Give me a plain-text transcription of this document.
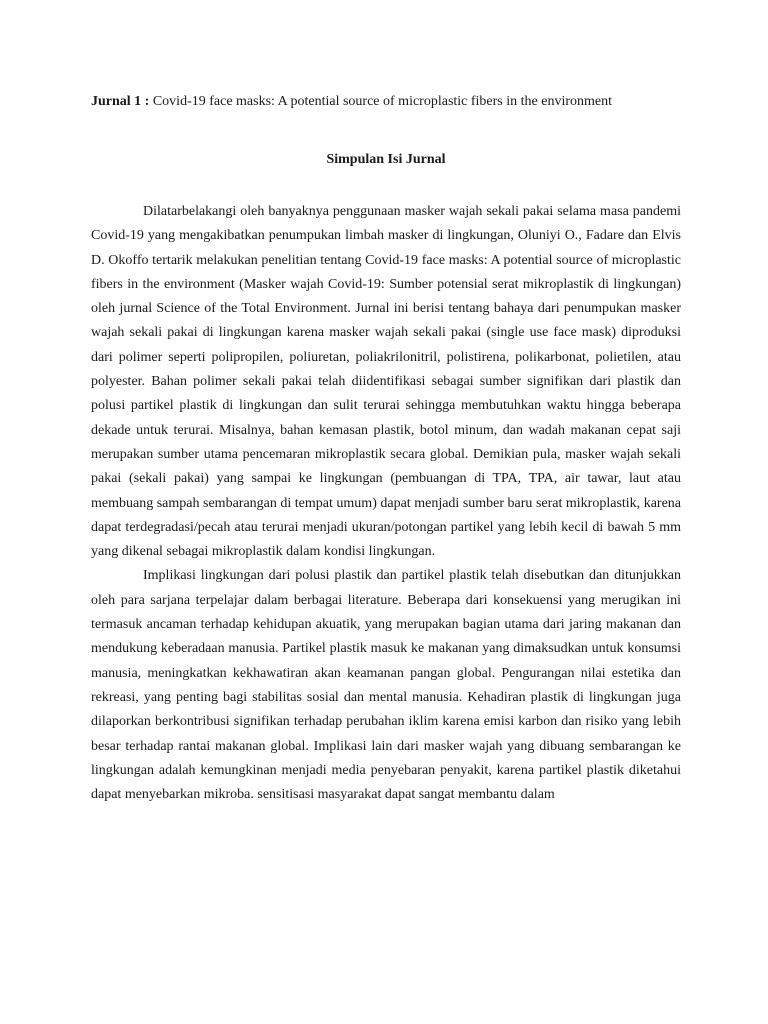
Jurnal 1 : Covid-19 face masks: A potential source of microplastic fibers in the environment

Simpulan Isi Jurnal

Dilatarbelakangi oleh banyaknya penggunaan masker wajah sekali pakai selama masa pandemi Covid-19 yang mengakibatkan penumpukan limbah masker di lingkungan, Oluniyi O., Fadare dan Elvis D. Okoffo tertarik melakukan penelitian tentang Covid-19 face masks: A potential source of microplastic fibers in the environment (Masker wajah Covid-19: Sumber potensial serat mikroplastik di lingkungan) oleh jurnal Science of the Total Environment. Jurnal ini berisi tentang bahaya dari penumpukan masker wajah sekali pakai di lingkungan karena masker wajah sekali pakai (single use face mask) diproduksi dari polimer seperti polipropilen, poliuretan, poliakrilonitril, polistirena, polikarbonat, polietilen, atau polyester. Bahan polimer sekali pakai telah diidentifikasi sebagai sumber signifikan dari plastik dan polusi partikel plastik di lingkungan dan sulit terurai sehingga membutuhkan waktu hingga beberapa dekade untuk terurai. Misalnya, bahan kemasan plastik, botol minum, dan wadah makanan cepat saji merupakan sumber utama pencemaran mikroplastik secara global. Demikian pula, masker wajah sekali pakai (sekali pakai) yang sampai ke lingkungan (pembuangan di TPA, TPA, air tawar, laut atau membuang sampah sembarangan di tempat umum) dapat menjadi sumber baru serat mikroplastik, karena dapat terdegradasi/pecah atau terurai menjadi ukuran/potongan partikel yang lebih kecil di bawah 5 mm yang dikenal sebagai mikroplastik dalam kondisi lingkungan.

Implikasi lingkungan dari polusi plastik dan partikel plastik telah disebutkan dan ditunjukkan oleh para sarjana terpelajar dalam berbagai literature. Beberapa dari konsekuensi yang merugikan ini termasuk ancaman terhadap kehidupan akuatik, yang merupakan bagian utama dari jaring makanan dan mendukung keberadaan manusia. Partikel plastik masuk ke makanan yang dimaksudkan untuk konsumsi manusia, meningkatkan kekhawatiran akan keamanan pangan global. Pengurangan nilai estetika dan rekreasi, yang penting bagi stabilitas sosial dan mental manusia. Kehadiran plastik di lingkungan juga dilaporkan berkontribusi signifikan terhadap perubahan iklim karena emisi karbon dan risiko yang lebih besar terhadap rantai makanan global. Implikasi lain dari masker wajah yang dibuang sembarangan ke lingkungan adalah kemungkinan menjadi media penyebaran penyakit, karena partikel plastik diketahui dapat menyebarkan mikroba. sensitisasi masyarakat dapat sangat membantu dalam
